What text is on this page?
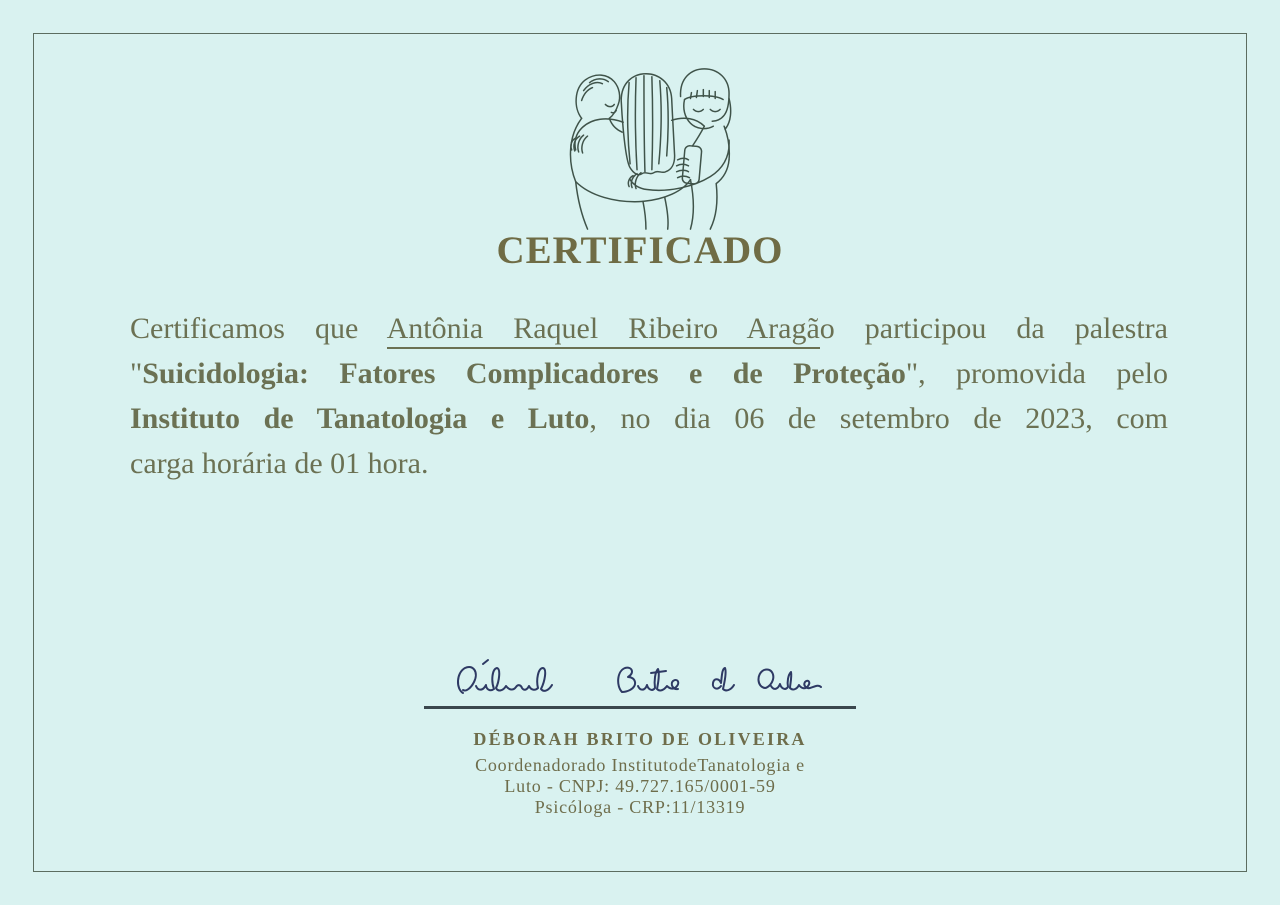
CERTIFICADO
Certificamos que Antônia Raquel Ribeiro Aragão participou da palestra
"Suicidologia: Fatores Complicadores e de Proteção", promovida pelo
Instituto de Tanatologia e Luto, no dia 06 de setembro de 2023, com
carga horária de 01 hora.
DÉBORAH BRITO DE OLIVEIRA
Coordenadorado InstitutodeTanatologia e
Luto - CNPJ: 49.727.165/0001-59
Psicóloga - CRP:11/13319
